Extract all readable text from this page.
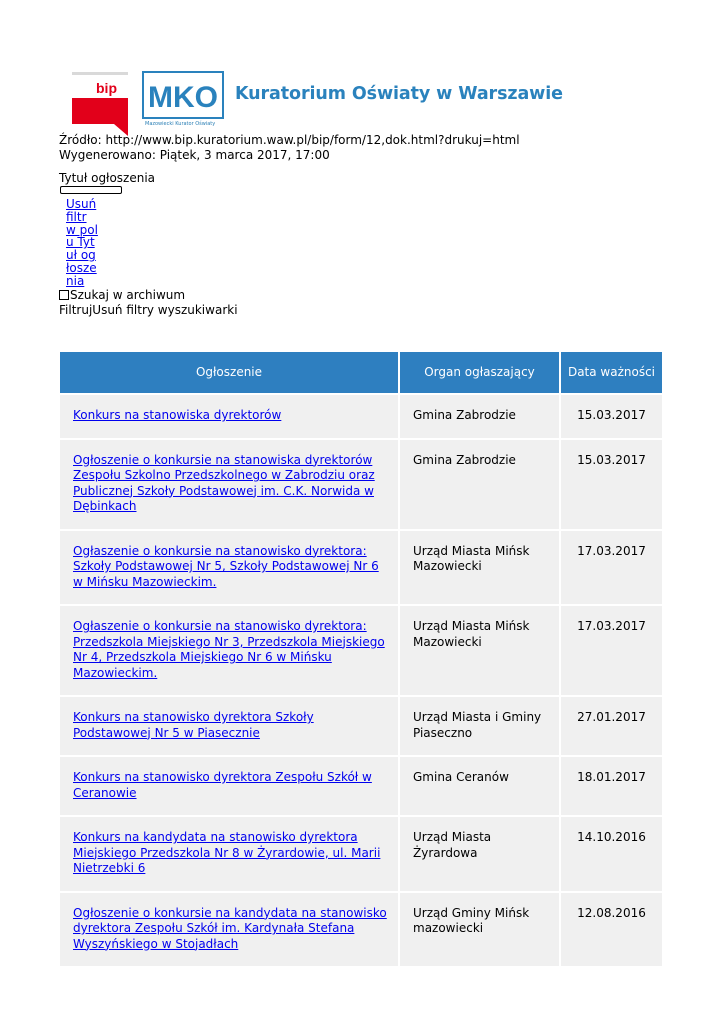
bip MKO
Mazowiecki Kurator Oświaty
Kuratorium Oświaty w Warszawie
Źródło: http://www.bip.kuratorium.waw.pl/bip/form/12,dok.html?drukuj=html
Wygenerowano: Piątek, 3 marca 2017, 17:00
Tytuł ogłoszenia
Usuń filtr w polu Tytuł ogłoszenia
Szukaj w archiwum
FiltrujUsuń filtry wyszukiwarki
Ogłoszenie	Organ ogłaszający	Data ważności
Konkurs na stanowiska dyrektorów	Gmina Zabrodzie	15.03.2017
Ogłoszenie o konkursie na stanowiska dyrektorów Zespołu Szkolno Przedszkolnego w Zabrodziu oraz Publicznej Szkoły Podstawowej im. C.K. Norwida w Dębinkach	Gmina Zabrodzie	15.03.2017
Ogłaszenie o konkursie na stanowisko dyrektora: Szkoły Podstawowej Nr 5, Szkoły Podstawowej Nr 6 w Mińsku Mazowieckim.	Urząd Miasta Mińsk Mazowiecki	17.03.2017
Ogłaszenie o konkursie na stanowisko dyrektora: Przedszkola Miejskiego Nr 3, Przedszkola Miejskiego Nr 4, Przedszkola Miejskiego Nr 6 w Mińsku Mazowieckim.	Urząd Miasta Mińsk Mazowiecki	17.03.2017
Konkurs na stanowisko dyrektora Szkoły Podstawowej Nr 5 w Piasecznie	Urząd Miasta i Gminy Piaseczno	27.01.2017
Konkurs na stanowisko dyrektora Zespołu Szkół w Ceranowie	Gmina Ceranów	18.01.2017
Konkurs na kandydata na stanowisko dyrektora Miejskiego Przedszkola Nr 8 w Żyrardowie, ul. Marii Nietrzebki 6	Urząd Miasta Żyrardowa	14.10.2016
Ogłoszenie o konkursie na kandydata na stanowisko dyrektora Zespołu Szkół im. Kardynała Stefana Wyszyńskiego w Stojadłach	Urząd Gminy Mińsk mazowiecki	12.08.2016
